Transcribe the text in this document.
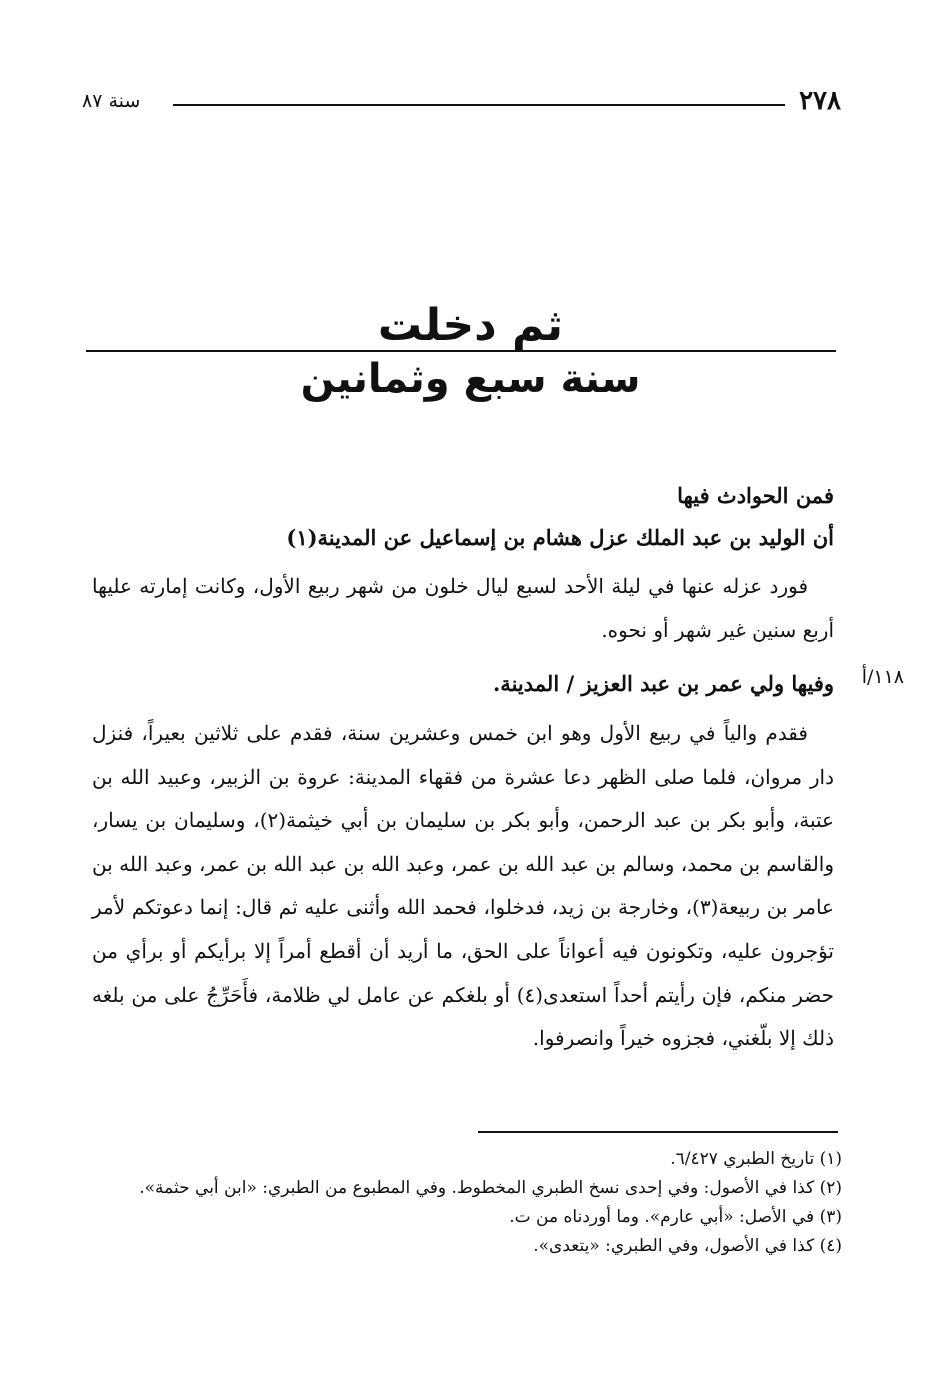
٢٧٨
سنة ٨٧
ثم دخلت
سنة سبع وثمانين
فمن الحوادث فيها
أن الوليد بن عبد الملك عزل هشام بن إسماعيل عن المدينة(١)
فورد عزله عنها في ليلة الأحد لسبع ليال خلون من شهر ربيع الأول، وكانت إمارته عليها أربع سنين غير شهر أو نحوه.
١١٨/أ
وفيها ولي عمر بن عبد العزيز / المدينة.
فقدم والياً في ربيع الأول وهو ابن خمس وعشرين سنة، فقدم على ثلاثين بعيراً، فنزل دار مروان، فلما صلى الظهر دعا عشرة من فقهاء المدينة: عروة بن الزبير، وعبيد الله بن عتبة، وأبو بكر بن عبد الرحمن، وأبو بكر بن سليمان بن أبي خيثمة(٢)، وسليمان بن يسار، والقاسم بن محمد، وسالم بن عبد الله بن عمر، وعبد الله بن عبد الله بن عمر، وعبد الله بن عامر بن ربيعة(٣)، وخارجة بن زيد، فدخلوا، فحمد الله وأثنى عليه ثم قال: إنما دعوتكم لأمر تؤجرون عليه، وتكونون فيه أعواناً على الحق، ما أريد أن أقطع أمراً إلا برأيكم أو برأي من حضر منكم، فإن رأيتم أحداً استعدى(٤) أو بلغكم عن عامل لي ظلامة، فأَحَرِّجُ على من بلغه ذلك إلا بلّغني، فجزوه خيراً وانصرفوا.
(١) تاريخ الطبري ٦/٤٢٧.
(٢) كذا في الأصول: وفي إحدى نسخ الطبري المخطوط. وفي المطبوع من الطبري: «ابن أبي حثمة».
(٣) في الأصل: «أبي عارم». وما أوردناه من ت.
(٤) كذا في الأصول، وفي الطبري: «يتعدى».
